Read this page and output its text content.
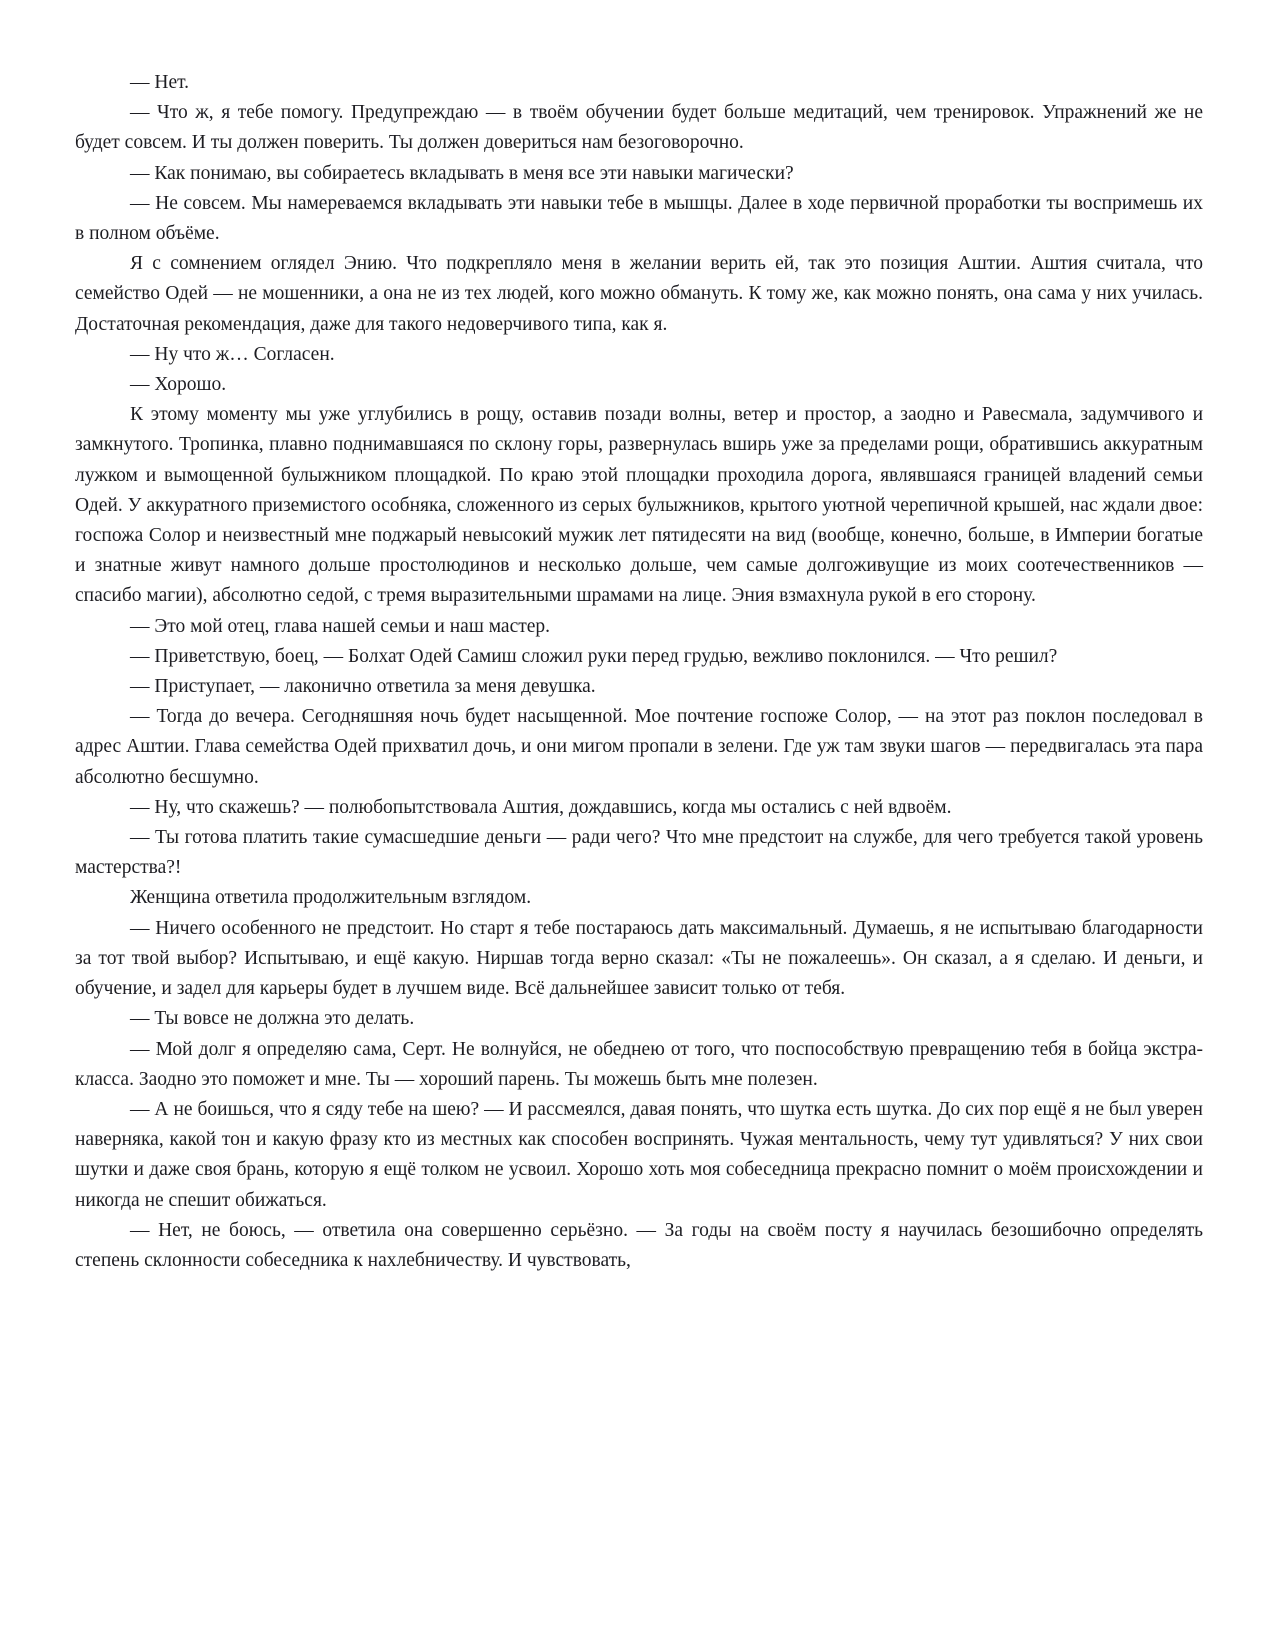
— Нет.

— Что ж, я тебе помогу. Предупреждаю — в твоём обучении будет больше медитаций, чем тренировок. Упражнений же не будет совсем. И ты должен поверить. Ты должен довериться нам безоговорочно.

— Как понимаю, вы собираетесь вкладывать в меня все эти навыки магически?

— Не совсем. Мы намереваемся вкладывать эти навыки тебе в мышцы. Далее в ходе первичной проработки ты воспримешь их в полном объёме.

Я с сомнением оглядел Энию. Что подкрепляло меня в желании верить ей, так это позиция Аштии. Аштия считала, что семейство Одей — не мошенники, а она не из тех людей, кого можно обмануть. К тому же, как можно понять, она сама у них училась. Достаточная рекомендация, даже для такого недоверчивого типа, как я.

— Ну что ж… Согласен.

— Хорошо.

К этому моменту мы уже углубились в рощу, оставив позади волны, ветер и простор, а заодно и Равесмала, задумчивого и замкнутого. Тропинка, плавно поднимавшаяся по склону горы, развернулась вширь уже за пределами рощи, обратившись аккуратным лужком и вымощенной булыжником площадкой. По краю этой площадки проходила дорога, являвшаяся границей владений семьи Одей. У аккуратного приземистого особняка, сложенного из серых булыжников, крытого уютной черепичной крышей, нас ждали двое: госпожа Солор и неизвестный мне поджарый невысокий мужик лет пятидесяти на вид (вообще, конечно, больше, в Империи богатые и знатные живут намного дольше простолюдинов и несколько дольше, чем самые долгоживущие из моих соотечественников — спасибо магии), абсолютно седой, с тремя выразительными шрамами на лице. Эния взмахнула рукой в его сторону.

— Это мой отец, глава нашей семьи и наш мастер.

— Приветствую, боец, — Болхат Одей Самиш сложил руки перед грудью, вежливо поклонился. — Что решил?

— Приступает, — лаконично ответила за меня девушка.

— Тогда до вечера. Сегодняшняя ночь будет насыщенной. Мое почтение госпоже Солор, — на этот раз поклон последовал в адрес Аштии. Глава семейства Одей прихватил дочь, и они мигом пропали в зелени. Где уж там звуки шагов — передвигалась эта пара абсолютно бесшумно.

— Ну, что скажешь? — полюбопытствовала Аштия, дождавшись, когда мы остались с ней вдвоём.

— Ты готова платить такие сумасшедшие деньги — ради чего? Что мне предстоит на службе, для чего требуется такой уровень мастерства?!

Женщина ответила продолжительным взглядом.

— Ничего особенного не предстоит. Но старт я тебе постараюсь дать максимальный. Думаешь, я не испытываю благодарности за тот твой выбор? Испытываю, и ещё какую. Ниршав тогда верно сказал: «Ты не пожалеешь». Он сказал, а я сделаю. И деньги, и обучение, и задел для карьеры будет в лучшем виде. Всё дальнейшее зависит только от тебя.

— Ты вовсе не должна это делать.

— Мой долг я определяю сама, Серт. Не волнуйся, не обеднею от того, что поспособствую превращению тебя в бойца экстра-класса. Заодно это поможет и мне. Ты — хороший парень. Ты можешь быть мне полезен.

— А не боишься, что я сяду тебе на шею? — И рассмеялся, давая понять, что шутка есть шутка. До сих пор ещё я не был уверен наверняка, какой тон и какую фразу кто из местных как способен воспринять. Чужая ментальность, чему тут удивляться? У них свои шутки и даже своя брань, которую я ещё толком не усвоил. Хорошо хоть моя собеседница прекрасно помнит о моём происхождении и никогда не спешит обижаться.

— Нет, не боюсь, — ответила она совершенно серьёзно. — За годы на своём посту я научилась безошибочно определять степень склонности собеседника к нахлебничеству. И чувствовать,
